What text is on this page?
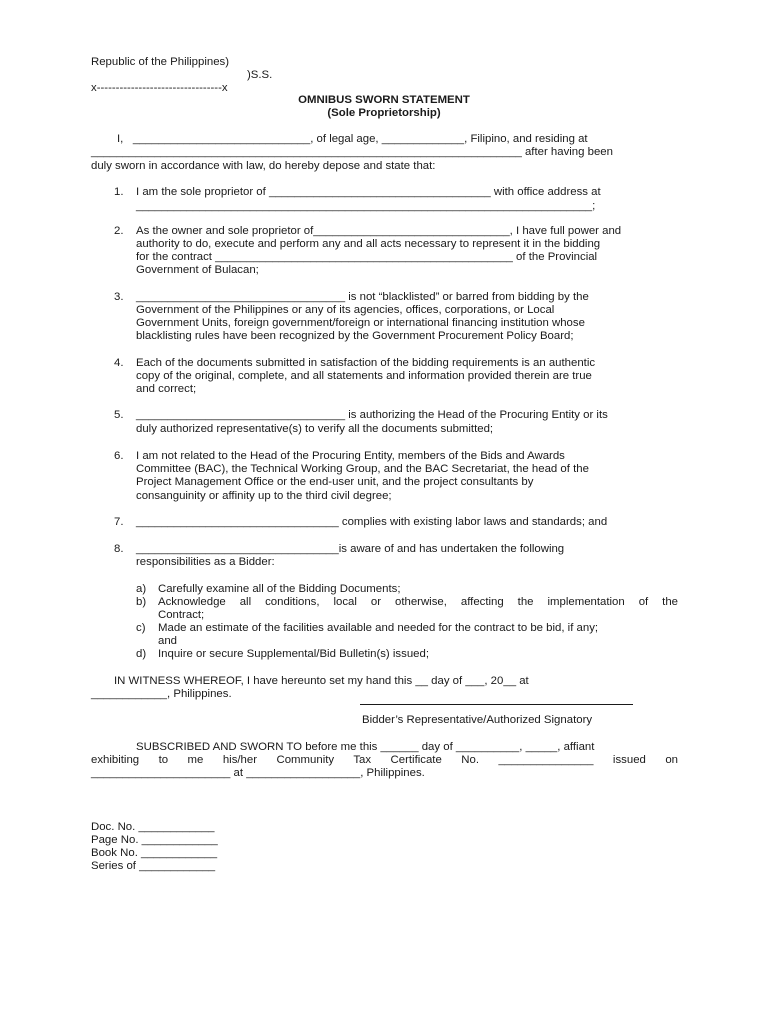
Republic of the Philippines)
)S.S.
x---------------------------------x
OMNIBUS SWORN STATEMENT
(Sole Proprietorship)
I,   ____________________________, of legal age, _____________, Filipino, and residing at
____________________________________________________________________ after having been
duly sworn in accordance with law, do hereby depose and state that:
1. I am the sole proprietor of ___________________________________ with office address at
________________________________________________________________________;
2. As the owner and sole proprietor of_______________________________, I have full power and
authority to do, execute and perform any and all acts necessary to represent it in the bidding
for the contract _______________________________________________ of the Provincial
Government of Bulacan;
3. _________________________________ is not “blacklisted” or barred from bidding by the
Government of the Philippines or any of its agencies, offices, corporations, or Local
Government Units, foreign government/foreign or international financing institution whose
blacklisting rules have been recognized by the Government Procurement Policy Board;
4. Each of the documents submitted in satisfaction of the bidding requirements is an authentic
copy of the original, complete, and all statements and information provided therein are true
and correct;
5. _________________________________ is authorizing the Head of the Procuring Entity or its
duly authorized representative(s) to verify all the documents submitted;
6. I am not related to the Head of the Procuring Entity, members of the Bids and Awards
Committee (BAC), the Technical Working Group, and the BAC Secretariat, the head of the
Project Management Office or the end-user unit, and the project consultants by
consanguinity or affinity up to the third civil degree;
7. ________________________________ complies with existing labor laws and standards; and
8. ________________________________is aware of and has undertaken the following
responsibilities as a Bidder:
a) Carefully examine all of the Bidding Documents;
b) Acknowledge all conditions, local or otherwise, affecting the implementation of the
Contract;
c) Made an estimate of the facilities available and needed for the contract to be bid, if any;
and
d) Inquire or secure Supplemental/Bid Bulletin(s) issued;
IN WITNESS WHEREOF, I have hereunto set my hand this __ day of ___, 20__ at
____________, Philippines.
Bidder’s Representative/Authorized Signatory
SUBSCRIBED AND SWORN TO before me this ______ day of __________, _____, affiant
exhibiting to me his/her Community Tax Certificate No. _______________ issued on
______________________ at __________________, Philippines.
Doc. No. ____________
Page No. ____________
Book No. ____________
Series of ____________
